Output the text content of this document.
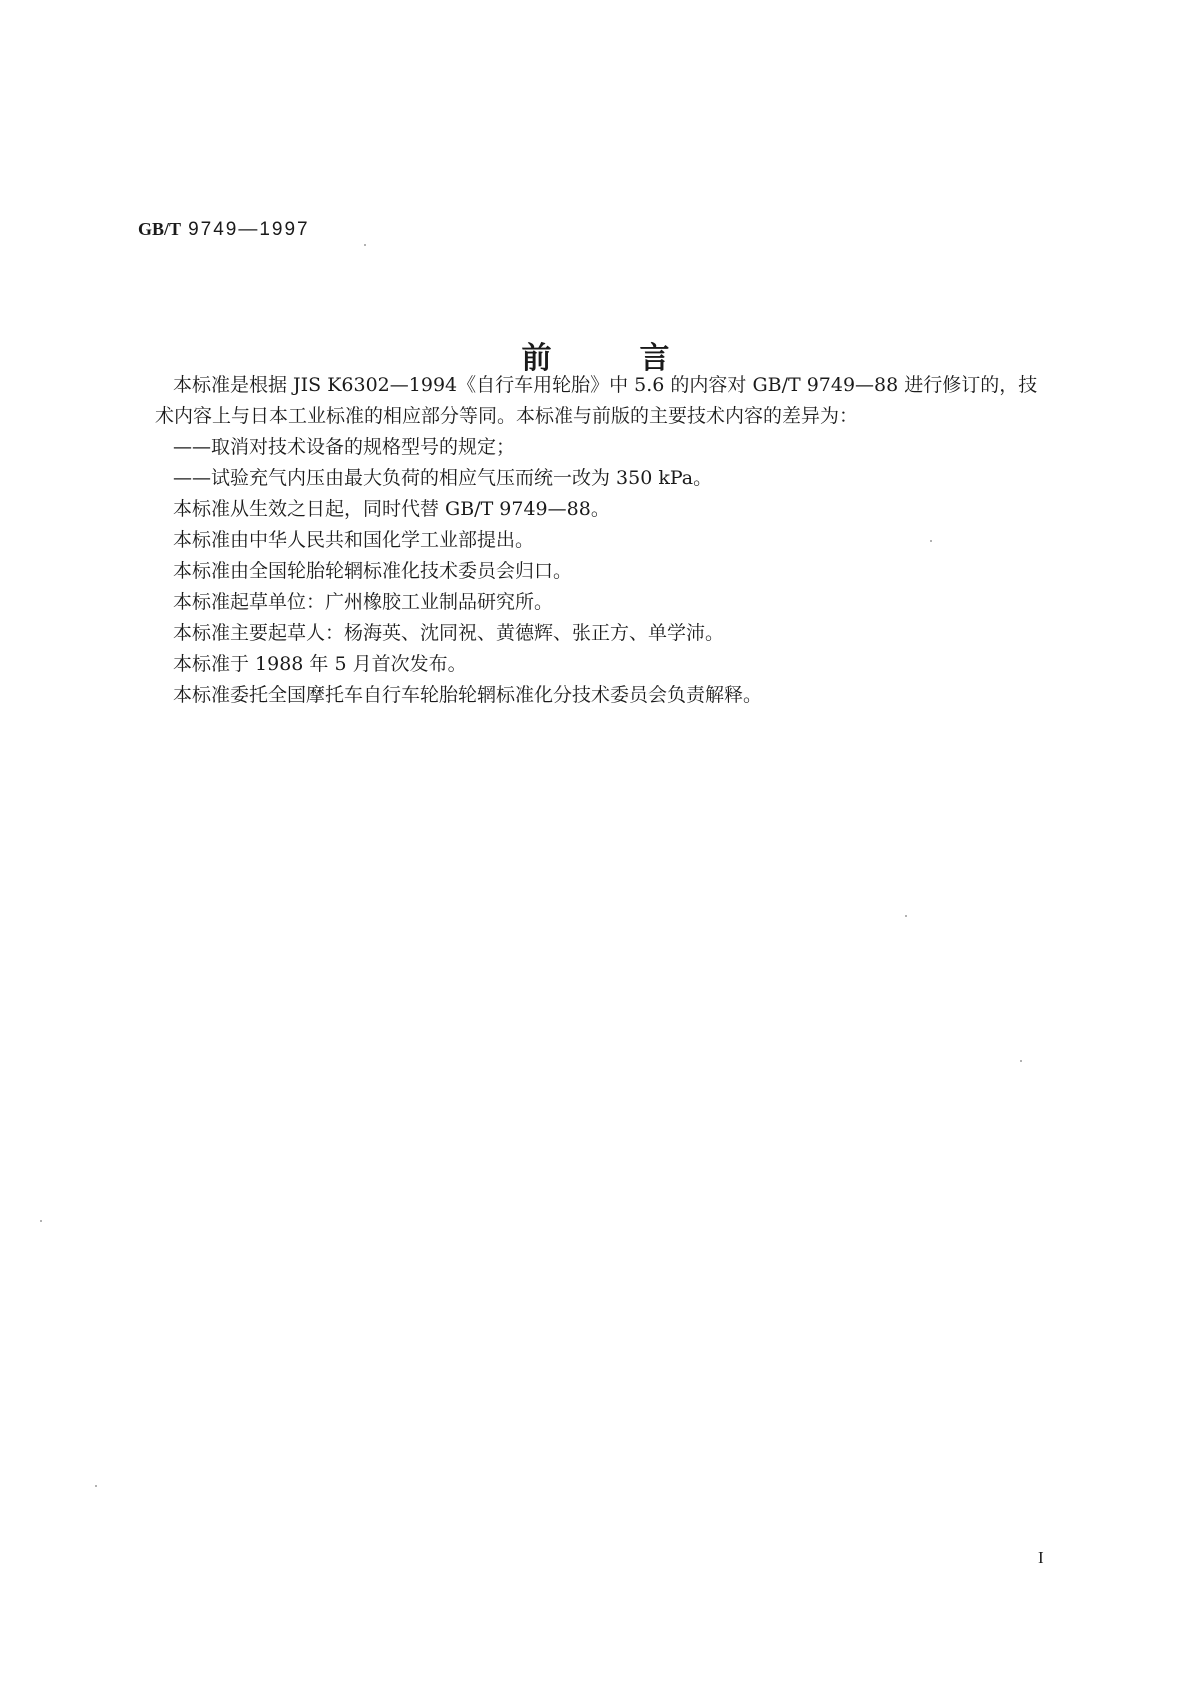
GB/T 9749—1997
前言
本标准是根据 JIS K6302—1994《自行车用轮胎》中 5.6 的内容对 GB/T 9749—88 进行修订的，技
术内容上与日本工业标准的相应部分等同。本标准与前版的主要技术内容的差异为：
——取消对技术设备的规格型号的规定；
——试验充气内压由最大负荷的相应气压而统一改为 350 kPa。
本标准从生效之日起，同时代替 GB/T 9749—88。
本标准由中华人民共和国化学工业部提出。
本标准由全国轮胎轮辋标准化技术委员会归口。
本标准起草单位：广州橡胶工业制品研究所。
本标准主要起草人：杨海英、沈同祝、黄德辉、张正方、单学沛。
本标准于 1988 年 5 月首次发布。
本标准委托全国摩托车自行车轮胎轮辋标准化分技术委员会负责解释。
I
